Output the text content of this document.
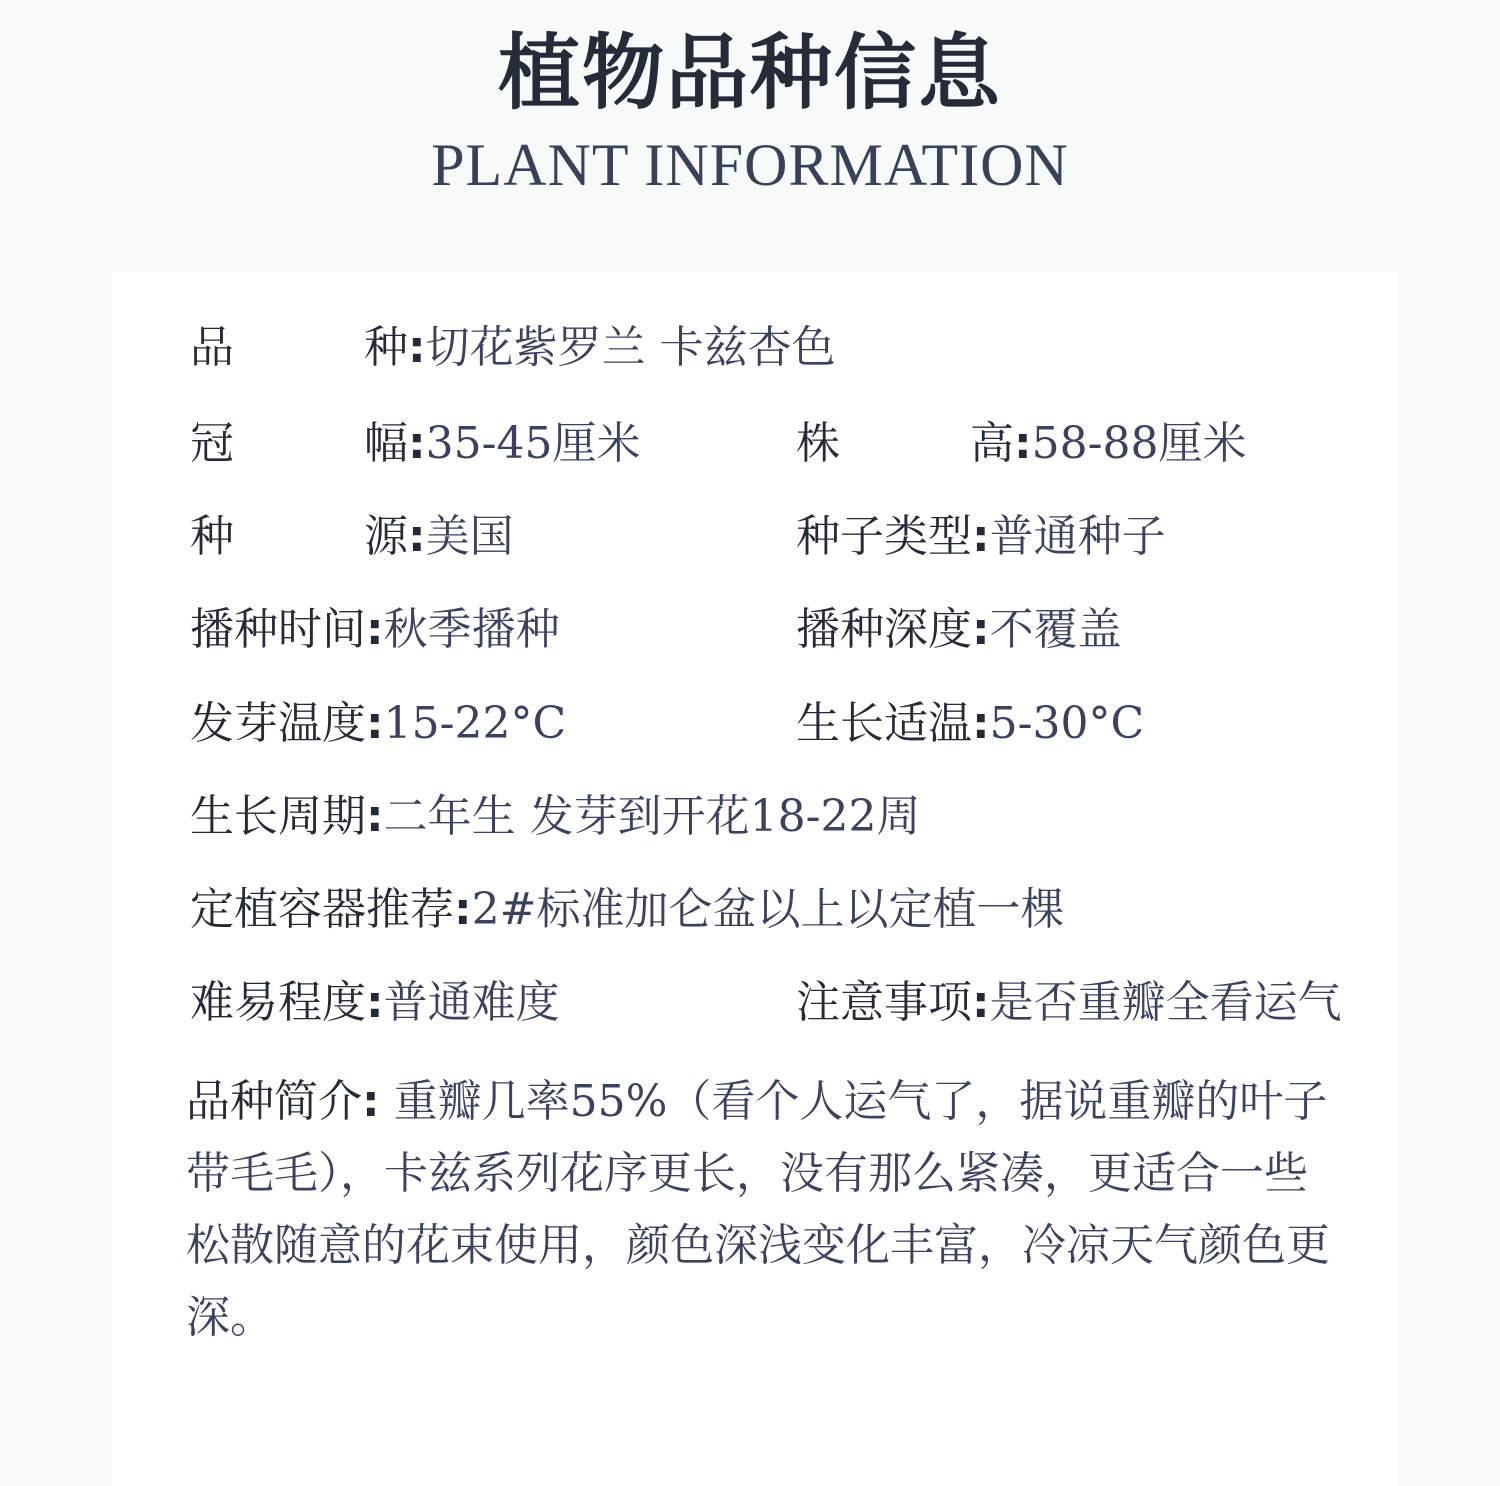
植物品种信息
PLANT INFORMATION
品	种 :切花紫罗兰 卡兹杏色
冠	幅 :35-45厘米	株	高 :58-88厘米
种	源 :美国	种子类型:普通种子
播种时间:秋季播种	播种深度:不覆盖
发芽温度:15-22°C	生长适温:5-30°C
生长周期:二年生 发芽到开花18-22周
定植容器推荐:2#标准加仑盆以上以定植一棵
难易程度:普通难度	注意事项:是否重瓣全看运气
品种简介: 重瓣几率55%（看个人运气了，据说重瓣的叶子带毛毛），卡兹系列花序更长，没有那么紧凑，更适合一些松散随意的花束使用，颜色深浅变化丰富，冷凉天气颜色更深。
